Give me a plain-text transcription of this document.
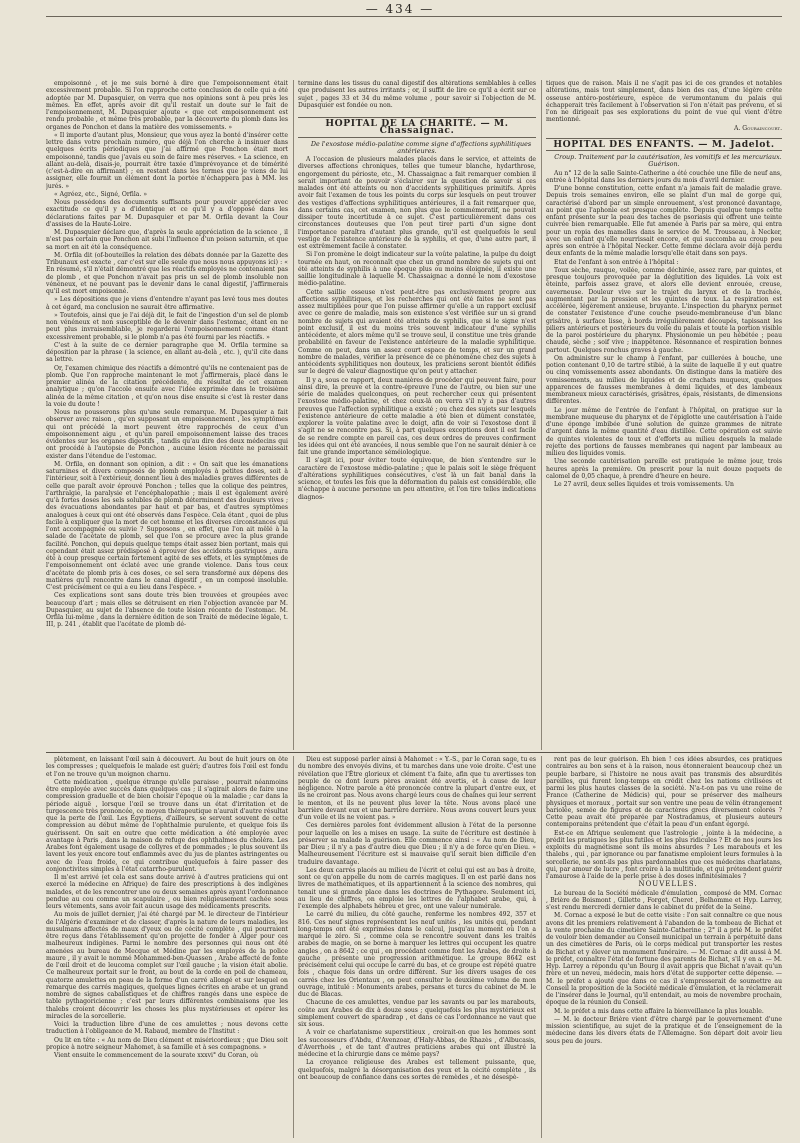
— 434 —

empoisonné , et je me suis borné à dire que l'empoisonnement était excessivement probable. Si l'on rapproche cette conclusion de celle qui a été adoptée par M. Dupasquier, on verra que nos opinions sont à peu près les mêmes. En effet, après avoir dit qu'il restait un doute sur le fait de l'empoisonnement, M. Dupasquier ajoute « que cet empoisonnement est rendu probable , et même très probable, par la découverte du plomb dans les organes de Ponchon et dans la matière des vomissements. »

« Il importe d'autant plus, Monsieur, que vous ayez la bonté d'insérer cette lettre dans votre prochain numéro, que déjà l'on cherche à insinuer dans quelques écrits périodiques que j'ai affirmé que Ponchon était mort empoisonné, tandis que j'avais eu soin de faire mes réserves. « La science, en allant au-delà, disais-je, pourrait être taxée d'imprévoyance et de témérité (c'est-à-dire en affirmant) ; en restant dans les termes que je viens de lui assigner, elle fournit un élément dont la portée n'échappera pas à MM. les jurés. »

« Agréez, etc., Signé, Orfila. »

Nous possédons des documents suffisants pour pouvoir apprécier avec exactitude ce qu'il y a d'identique et ce qu'il y a d'opposé dans les déclarations faites par M. Dupasquier et par M. Orfila devant la Cour d'assises de la Haute-Loire.

M. Dupasquier déclare que, d'après la seule appréciation de la science , il n'est pas certain que Ponchon ait subi l'influence d'un poison saturnin, et que sa mort en ait été la conséquence.

M. Orfila dit (of-bouteilles la relation des débats donnée par la Gazette des Tribunaux est exacte , car c'est sur elle seule que nous nous appuyons ici) : « En résumé, s'il n'était démontré que les réactifs employés ne contenaient pas de plomb , et que Ponchon n'avait pas pris un sel de plomb insoluble non vénéneux, et ne pouvant pas le devenir dans le canal digestif, j'affirmerais qu'il est mort empoisonné.

» Les dépositions que je viens d'entendre n'ayant pas levé tous mes doutes à cet égard, ma conclusion ne saurait être affirmative.

» Toutefois, ainsi que je l'ai déjà dit, le fait de l'ingestion d'un sel de plomb non vénéneux et non susceptible de le devenir dans l'estomac, étant en ne peut plus invraisemblable, je regarderai l'empoisonnement comme étant excessivement probable, si le plomb n'a pas été fourni par les réactifs. »

C'est à la suite de ce dernier paragraphe que M. Orfila termine sa déposition par la phrase ( la science, en allant au-delà , etc. ), qu'il cite dans sa lettre.

Or, l'examen chimique des réactifs a démontré qu'ils ne contenaient pas de plomb. Que l'on rapproche maintenant le mot j'affirmerais, placé dans le premier alinéa de la citation précédente, du résultat de cet examen analytique ; qu'on l'accole ensuite avec l'idée exprimée dans le troisième alinéa de la même citation , et qu'on nous dise ensuite si c'est là rester dans la voie du doute !

Nous ne pousserons plus qu'une seule remarque. M. Dupasquier a fait observer avec raison , qu'en supposant un empoisonnement , les symptômes qui ont précédé la mort peuvent être rapprochés de ceux d'un empoisonnement aigu , et qu'un pareil empoisonnement laisse des traces évidentes sur les organes digestifs , tandis qu'au dire des deux médecins qui ont procédé à l'autopsie de Ponchon , aucune lésion récente ne paraissait exister dans l'étendue de l'estomac.

M. Orfila, en donnant son opinion, a dit : « On sait que les émanations saturnines et divers composés de plomb employés à petites doses, soit à l'intérieur, soit à l'extérieur, donnent lieu à des maladies graves différentes de celle que paraît avoir éprouvé Ponchon ; telles que la colique des peintres, l'arthralgie, la paralysie et l'encéphalopathie ; mais il est également avéré qu'à fortes doses les sels solubles de plomb déterminent des douleurs vives ; des évacuations abondantes par haut et par bas, et d'autres symptômes analogues à ceux qui ont été observés dans l'espèce. Cela étant , quoi de plus facile à expliquer que la mort de cet homme et les diverses circonstances qui l'ont accompagnée ou suivie ? Supposons , en effet, que l'on ait mêlé à la salade de l'acétate de plomb, sel que l'on se procure avec la plus grande facilité. Ponchon, qui depuis quelque temps était assez bien portant, mais qui cependant était assez prédisposé à éprouver des accidents gastriques , aura été à coup presque certain fortement agité de ses effets, et les symptômes de l'empoisonnement ont éclaté avec une grande violence. Dans tous ceux d'acétate de plomb pris à ces doses, ce sel sera transformé aux dépens des matières qu'il rencontre dans le canal digestif , en un composé insoluble. C'est précisément ce qui a eu lieu dans l'espèce. »

Ces explications sont sans doute très bien trouvées et groupées avec beaucoup d'art ; mais elles se détruisent en rien l'objection avancée par M. Dupasquier, au sujet de l'absence de toute lésion récente de l'estomac. M. Orfila lui-même , dans la dernière édition de son Traité de médecine légale, t. III, p. 241 , établit que l'acétate de plomb dé-

termine dans les tissus du canal digestif des altérations semblables à celles que produisent les autres irritants ; or, il suffit de lire ce qu'il a écrit sur ce sujet , pages 33 et 34 du même volume , pour savoir si l'objection de M. Dupasquier est fondée ou non.

HOPITAL DE LA CHARITÉ. — M. Chassaignac.

De l'exostose médio-palatine comme signe d'affections syphilitiques antérieures.

A l'occasion de plusieurs malades placés dans le service, et atteints de diverses affections chroniques, telles que tumeur blanche, hydarthrose, engorgement du périoste, etc., M. Chassaignac a fait remarquer combien il serait important de pouvoir s'éclairer sur la question de savoir si ces malades ont été atteints ou non d'accidents syphilitiques primitifs. Après avoir fait l'examen de tous les points du corps sur lesquels on peut trouver des vestiges d'affections syphilitiques antérieures, il a fait remarquer que, dans certains cas, cet examen, non plus que le commémoratif, ne pouvait dissiper toute incertitude à ce sujet. C'est particulièrement dans ces circonstances douteuses que l'on peut tirer parti d'un signe dont l'importance paraîtra d'autant plus grande, qu'il est quelquefois le seul vestige de l'existence antérieure de la syphilis, et que, d'une autre part, il est extrêmement facile à constater.

Si l'on promène le doigt indicateur sur la voûte palatine, la pulpe du doigt tournée en haut, on reconnaît que chez un grand nombre de sujets qui ont été atteints de syphilis à une époque plus ou moins éloignée, il existe une saillie longitudinale à laquelle M. Chassaignac a donné le nom d'exostose médio-palatine.

Cette saillie osseuse n'est peut-être pas exclusivement propre aux affections syphilitiques, et les recherches qui ont été faites ne sont pas assez multipliées pour que l'on puisse affirmer qu'elle a un rapport exclusif avec ce genre de maladie, mais son existence s'est vérifiée sur un si grand nombre de sujets qui avaient été atteints de syphilis, que si le signe n'est point exclusif, il est du moins très souvent indicateur d'une syphilis antécédente, et alors même qu'il se trouve seul, il constitue une très grande probabilité en faveur de l'existence antérieure de la maladie syphilitique. Comme on peut, dans un assez court espace de temps, et sur un grand nombre de malades, vérifier la présence de ce phénomène chez des sujets à antécédents syphilitiques non douteux, les praticiens seront bientôt édifiés sur le degré de valeur diagnostique qu'on peut y attacher.

Il y a, sous ce rapport, deux manières de procéder qui peuvent faire, pour ainsi dire, la preuve et la contre-épreuve l'une de l'autre, ou bien sur une série de malades quelconques, on peut rechercher ceux qui présentent l'exostose médio-palatine, et chez ceux-là on verra s'il n'y a pas d'autres preuves que l'affection syphilitique a existé ; ou chez des sujets sur lesquels l'existence antérieure de cette maladie a été bien et dûment constatée, explorer la voûte palatine avec le doigt, afin de voir si l'exostose dont il s'agit ne se rencontre pas. Si, à part quelques exceptions dont il est facile de se rendre compte en pareil cas, ces deux ordres de preuves confirment les idées qui ont été avancées, il nous semble que l'on ne saurait dénier à ce fait une grande importance séméiologique.

Il s'agit ici, pour éviter toute équivoque, de bien s'entendre sur le caractère de l'exostose médio-palatine ; que le palais soit le siège fréquent d'altérations syphilitiques consécutives, c'est là un fait banal dans la science, et toutes les fois que la déformation du palais est considérable, elle n'échappe à aucune personne un peu attentive, et l'on tire telles indications diagnos-

tiques que de raison. Mais il ne s'agit pas ici de ces grandes et notables altérations, mais tout simplement, dans bien des cas, d'une légère crête osseuse antéro-postérieure, espèce de verumontanum du palais qui échapperait très facilement à l'observation si l'on n'était pas prévenu, et si l'on ne dirigeait pas ses explorations du point de vue qui vient d'être mentionné.

A. Gouraincourt.

HOPITAL DES ENFANTS. — M. Jadelot.

Croup. Traitement par la cautérisation, les vomitifs et les mercuriaux. Guérison.

Au n° 12 de la salle Sainte-Catherine a été couchée une fille de neuf ans, entrée à l'hôpital dans les derniers jours du mois d'avril dernier.

D'une bonne constitution, cette enfant n'a jamais fait de maladie grave. Depuis trois semaines environ, elle se plaint d'un mal de gorge qui, caractérisé d'abord par un simple enrouement, s'est prononcé davantage, au point que l'aphonie est presque complète. Depuis quelque temps cette enfant présente sur la peau des taches de psoriasis qui offrent une teinte cuivrée bien remarquable. Elle fut amenée à Paris par sa mère, qui entra pour un ropia des mamelles dans le service de M. Trousseau, à Necker, avec un enfant qu'elle nourrissait encore, et qui succomba au croup peu après son entrée à l'hôpital Necker. Cette femme déclara avoir déjà perdu deux enfants de la même maladie lorsqu'elle était dans son pays.

Etat de l'enfant à son entrée à l'hôpital :

Toux sèche, rauque, voilée, comme déchirée, assez rare, par quintes, et presque toujours provoquée par la déglutition des liquides. La voix est éteinte, parfois assez grave, et alors elle devient enrouée, creuse, caverneuse. Douleur vive sur le trajet du larynx et de la trachée, augmentant par la pression et les quintes de toux. La respiration est accélérée, légèrement anxieuse, bruyante. L'inspection du pharynx permet de constater l'existence d'une couche pseudo-membraneuse d'un blanc grisâtre, à surface lisse, à bords irrégulièrement découpés, tapissant les piliers antérieurs et postérieurs du voile du palais et toute la portion visible de la paroi postérieure du pharynx. Physionomie un peu hébétée ; peau chaude, sèche ; soif vive ; inappétence. Résonnance et respiration bonnes partout. Quelques ronchus graves à gauche.

On administre sur le champ à l'enfant, par cuillerées à bouche, une potion contenant 0,10 de tartre stibié, à la suite de laquelle il y eut quatre ou cinq vomissements assez abondants. On distingue dans la matière des vomissements, au milieu de liquides et de crachats muqueux, quelques apparences de fausses membranes à demi liquides, et des lambeaux membraneux mieux caractérisés, grisâtres, épais, résistants, de dimensions différentes.

Le jour même de l'entrée de l'enfant à l'hôpital, on pratique sur la membrane muqueuse du pharynx et de l'épiglotte une cautérisation à l'aide d'une éponge imbibée d'une solution de quinze grammes de nitrate d'argent dans la même quantité d'eau distillée. Cette opération est suivie de quintes violentes de toux et d'efforts au milieu desquels la malade rejette des portions de fausses membranes qui nagent par lambeaux au milieu des liquides vomis.

Une seconde cautérisation pareille est pratiquée le même jour, trois heures après la première. On prescrit pour la nuit douze paquets de calomel de 0,05 chaque, à prendre d'heure en heure.

Le 27 avril, deux selles liquides et trois vomissements. Un

plètement, en laissant l'œil sain à découvert. Au bout de huit jours on ôte les compresses ; quelquefois le malade est guéri; d'autres fois l'œil est fondu et l'on ne trouve qu'un moignon charnu.

Cette médication , quelque étrange qu'elle paraisse , pourrait néanmoins être employée avec succès dans quelques cas ; il s'agirait alors de faire une compression graduelle et de bien choisir l'époque où la maladie ; car dans la période aiguë , lorsque l'œil se trouve dans un état d'irritation et de turgescence très prononcée, ce moyen thérapeutique n'aurait d'autre résultat que la perte de l'œil. Les Égyptiens, d'ailleurs, se servent souvent de cette compression au début même de l'ophthalmie purulente, et quelque fois ils guérissent. On sait en outre que cette médication a été employée avec avantage à Paris , dans la maison de refuge des ophthalmes du choléra. Les Arabes font également usage de collyres et de pommades ; le plus souvent ils lavent les yeux encore tout enflammés avec du jus de plantes astringentes ou avec de l'eau froide, ce qui contribue quelquefois à faire passer des conjonctivites simples à l'état catarrho-purulent.

Il m'est arrivé (et cela est sans doute arrivé à d'autres praticiens qui ont exercé la médecine en Afrique) de faire des prescriptions à des indigènes malades, et de les rencontrer une ou deux semaines après ayant l'ordonnance pendue au cou comme un scapulaire , ou bien religieusement cachée sous leurs vêtements, sans avoir fait aucun usage des médicaments prescrits.

Au mois de juillet dernier, j'ai été chargé par M. le directeur de l'intérieur de l'Algérie d'examiner et de classer, d'après la nature de leurs maladies, les musulmans affectés de maux d'yeux ou de cécité complète , qui pourraient être reçus dans l'établissement qu'on projette de fonder à Alger pour ces malheureux indigènes. Parmi le nombre des personnes qui nous ont été amenées au bureau de Mecque et Médine par les employés de la police maure , il y avait le nommé Mohammed-ben-Quassen , Arabe affecté de fonte de l'œil droit et de leucoma complet sur l'œil gauche ; la vision était abolie. Ce malheureux portait sur le front, au bout de la corde en poil de chameau, quatorze amulettes en peau de la forme d'un carré allongé et sur lesquel on remarque des carrés magiques, quelques lignes écrites en arabe et un grand nombre de signes cabalistiques et de chiffres rangés dans une espèce de table pythagoricienne ; c'est par leurs différentes combinaisons que les thalebs croient découvrir les choses les plus mystérieuses et opérer les miracles de la sorcellerie.

Voici la traduction libre d'une de ces amulettes ; nous devons cette traduction à l'obligeance de M. Rabaud, membre de l'Institut :

Ou lit en tête : « Au nom de Dieu clément et miséricordieux ; que Dieu soit propice à notre seigneur Mahomet, à sa famille et à ses compagnons. »

Vient ensuite le commencement de la sourate xxxvi° du Coran, où

Dieu est supposé parler ainsi à Mahomet : « Y.-S., par le Coran sage, tu es du nombre des envoyés divins, et tu marches dans une voie droite. C'est une révélation que l'Être glorieux et clément t'a faite, afin que tu avertisses ton peuple de ce dont leurs pères avaient été avertis, et à cause de leur négligence. Notre parole a été prononcée contre la plupart d'entre eux, et ils ne croiront pas. Nous avons chargé leurs cous de chaînes qui leur serrent le menton, et ils ne peuvent plus lever la tête. Nous avons placé une barrière devant eux et une barrière derrière. Nous avons couvert leurs yeux d'un voile et ils ne voient pas. »

Ces dernières paroles font évidemment allusion à l'état de la personne pour laquelle on les a mises en usage. La suite de l'écriture est destinée à préserver sa malade la guérison. Elle commence ainsi : « Au nom de Dieu, par Dieu ; il n'y a pas d'autre dieu que Dieu ; il n'y a de force qu'en Dieu. » Malheureusement l'écriture est si mauvaise qu'il serait bien difficile d'en traduire davantage.

Les deux carrés placés au milieu de l'écrit et celui qui est au bas à droite, sont ce qu'on appelle du nom de carrés magiques. Il en est parlé dans nos livres de mathématiques, et ils appartiennent à la science des nombres, qui tenait une si grande place dans les doctrines de Pythagore. Seulement ici, au lieu de chiffres, on emploie les lettres de l'alphabet arabe, qui, à l'exemple des alphabets hébreu et grec, ont une valeur numérale.

Le carré du milieu, du côté gauche, renferme les nombres 492, 357 et 816. Ces neuf signes représentent les neuf unités , les unités qui, pendant long-temps ont été exprimées dans le calcul, jusqu'au moment où l'on a marqué le zéro. Si , comme cela se rencontre souvent dans les traités arabes de magie, on se borne à marquer les lettres qui occupent les quatre angles , on a 8642 ; ce qui , en procédant comme font les Arabes, de droite à gauche , présente une progression arithmétique. Le groupe 8642 est précisément celui qui occupe le carré du bas, et ce groupe est répété quatre fois , chaque fois dans un ordre différent. Sur les divers usages de ces carrés chez les Orientaux , on peut consulter le deuxième volume de mon ouvrage, intitulé : Monuments arabes, persans et turcs du cabinet de M. le duc de Blacas.

Chacune de ces amulettes, vendue par les savants ou par les marabouts, coûte aux Arabes de dix à douze sous ; quelquefois les plus mystérieux est simplement couvert de sparadrap , et dans ce cas l'ordonnance ne vaut que six sous.

A voir ce charlatanisme superstitieux , croirait-on que les hommes sont les successeurs d'Abdu, d'Avenzoar, d'Haly-Abbas, de Rhazès , d'Albucasis, d'Averrhoès , et de tant d'autres praticiens arabes qui ont illustré la médecine et la chirurgie dans ce même pays?

La croyance religieuse des Arabes est tellement puissante, que, quelquefois, malgré la désorganisation des yeux et la cécité complète , ils ont beaucoup de confiance dans ces sortes de remèdes , et ne désespè-

rent pas de leur guérison. Eh bien ! ces idées absurdes, ces pratiques contraires au bon sens et à la raison, nous étonneraient beaucoup chez un peuple barbare, si l'histoire ne nous avait pas transmis des absurdités pareilles, qui furent long-temps en crédit chez les nations civilisées et parmi les plus hautes classes de la société. N'a-t-on pas vu une reine de France (Catherine de Médicis) qui, pour se préserver des malheurs physiques et moraux , portait sur son ventre une peau de vélin étrangement bariolée, semée de figures et de caractères grecs diversement colorés ? Cette peau avait été préparée par Nostradamus, et plusieurs auteurs contemporains prétendent que c'était la peau d'un enfant égorgé.

Est-ce en Afrique seulement que l'astrologie , jointe à la médecine, a prédit les pratiques les plus futiles et les plus ridicules ? Et de nos jours les exploits du magnétisme sont ils moins absurdes ? Les marabouts et les thalebs , qui , par ignorance ou par fanatisme emploient leurs formules à la sorcellerie, ne sont-ils pas plus pardonnables que ces médecins charlatans, qui, par amour de lucre , font croire à la multitude, et qui prétendent guérir l'amaurose à l'aide de la perle prise à des doses infinitésimales ?

NOUVELLES.

Le bureau de la Société médicale d'émulation , composé de MM. Cornac , Brière de Boismont , Gillette , Forget, Cheret , Belhomme et Hyp. Larrey, s'est rendu mercredi dernier dans le cabinet du préfet de la Seine.

M. Cornac a exposé le but de cette visite : l'on sait connaître ce que nous avons dit les premiers relativement à l'abandon de la tombeau de Bichat et la vente prochaine du cimetière Sainte-Catherine ; 2° il a prié M. le préfet de vouloir bien demander au Conseil municipal un terrain à perpétuité dans un des cimetières de Paris, où le corps médical put transporter les restes de Bichat et y élever un monument funéraire. — M. Cornac a dit aussi à M. le préfet, connaître l'état de fortune des parents de Bichat, s'il y en a. — M. Hyp. Larrey a répondu qu'un Bourg il avait appris que Bichat n'avait qu'un frère et un neveu, médecin, mais hors d'état de supporter cette dépense. — M. le préfet a ajouté que dans ce cas il s'empresserait de soumettre au Conseil la proposition de la Société médicale d'émulation, et la réclamerait de l'insérer dans le Journal, qu'il entendait, au mois de novembre prochain, époque de la réunion du Conseil.

M. le préfet a mis dans cette affaire la bienveillance la plus louable.

— M. le docteur Brière vient d'être chargé par le gouvernement d'une mission scientifique, au sujet de la pratique et de l'enseignement de la médecine dans les divers états de l'Allemagne. Son départ doit avoir lieu sous peu de jours.
